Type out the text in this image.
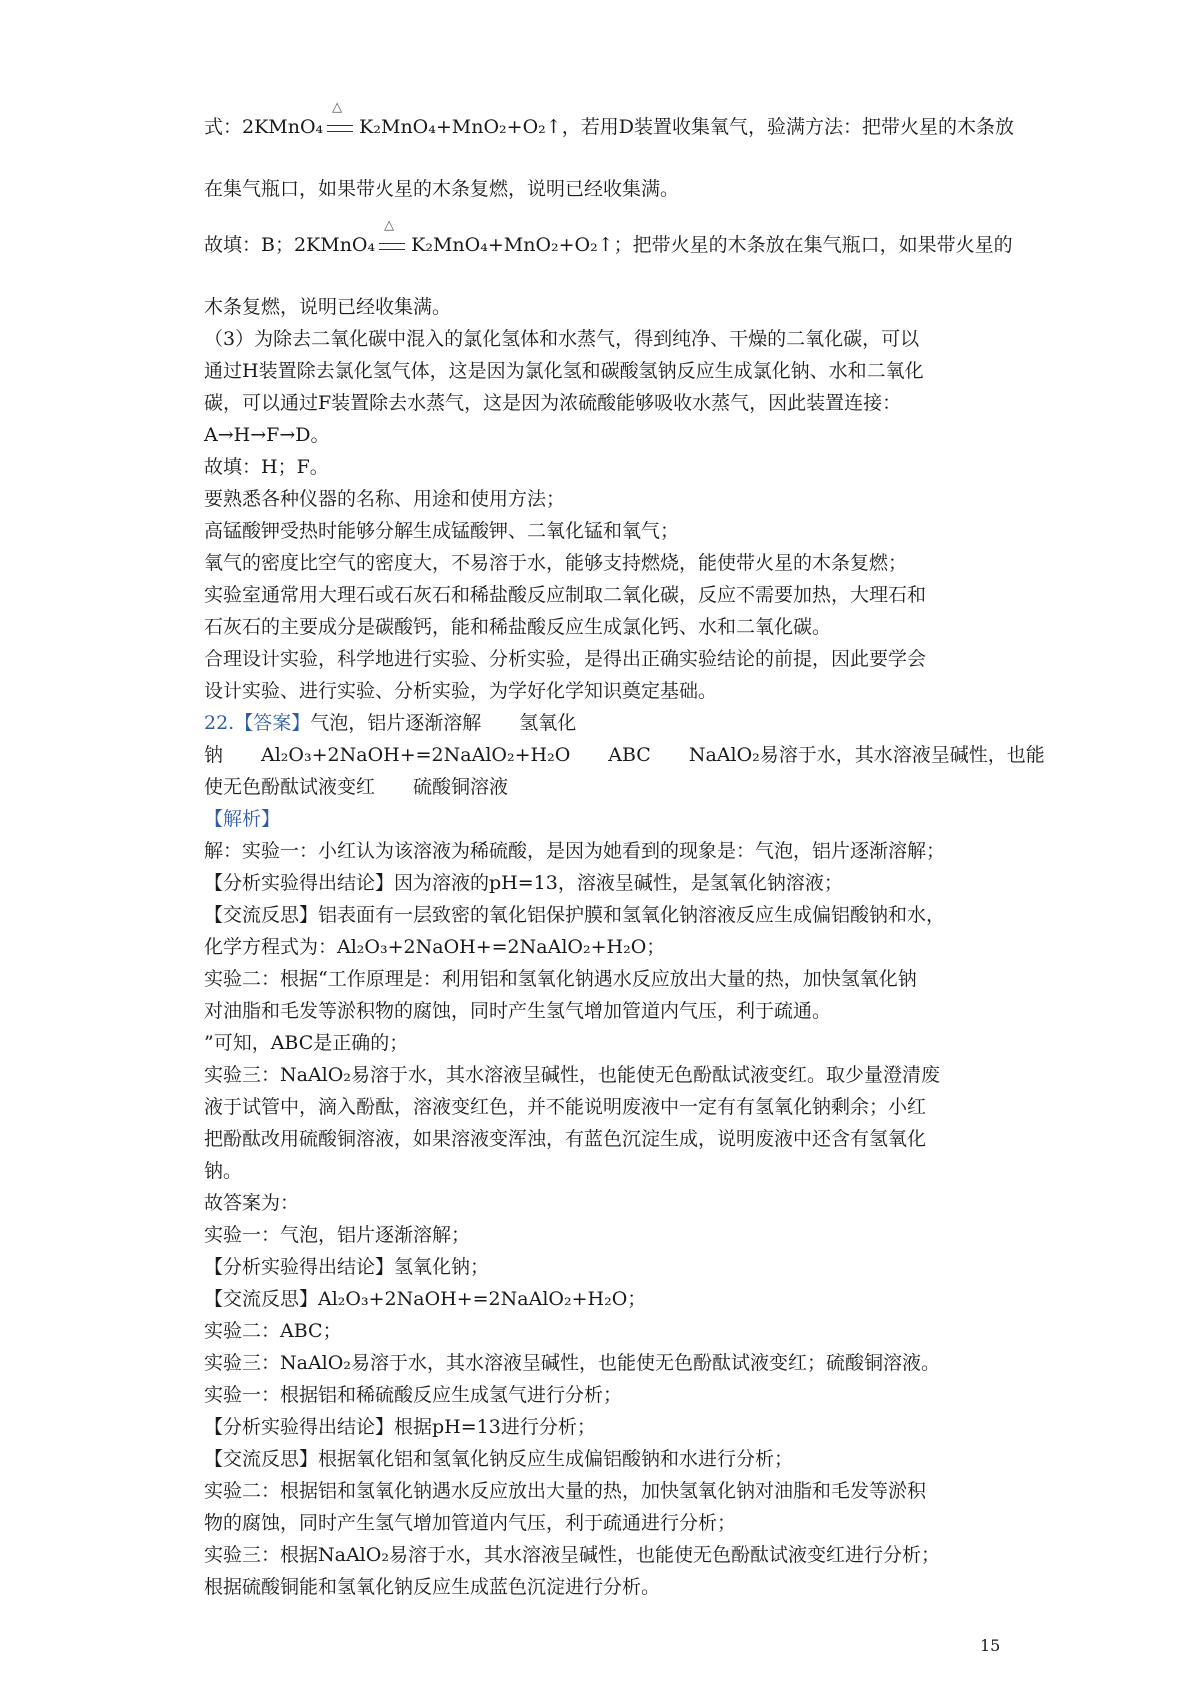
式：2KMnO₄
△
K₂MnO₄+MnO₂+O₂↑，若用D装置收集氧气，验满方法：把带火星的木条放
在集气瓶口，如果带火星的木条复燃，说明已经收集满。
故填：B；2KMnO₄
△
K₂MnO₄+MnO₂+O₂↑；把带火星的木条放在集气瓶口，如果带火星的
木条复燃，说明已经收集满。
（3）为除去二氧化碳中混入的氯化氢体和水蒸气，得到纯净、干燥的二氧化碳，可以
通过H装置除去氯化氢气体，这是因为氯化氢和碳酸氢钠反应生成氯化钠、水和二氧化
碳，可以通过F装置除去水蒸气，这是因为浓硫酸能够吸收水蒸气，因此装置连接：
A→H→F→D。
故填：H；F。
要熟悉各种仪器的名称、用途和使用方法；
高锰酸钾受热时能够分解生成锰酸钾、二氧化锰和氧气；
氧气的密度比空气的密度大，不易溶于水，能够支持燃烧，能使带火星的木条复燃；
实验室通常用大理石或石灰石和稀盐酸反应制取二氧化碳，反应不需要加热，大理石和
石灰石的主要成分是碳酸钙，能和稀盐酸反应生成氯化钙、水和二氧化碳。
合理设计实验，科学地进行实验、分析实验，是得出正确实验结论的前提，因此要学会
设计实验、进行实验、分析实验，为学好化学知识奠定基础。
22.【答案】气泡，铝片逐渐溶解　　氢氧化
钠　　Al₂O₃+2NaOH+=2NaAlO₂+H₂O　　ABC　　NaAlO₂易溶于水，其水溶液呈碱性，也能
使无色酚酞试液变红　　硫酸铜溶液
【解析】
解：实验一：小红认为该溶液为稀硫酸，是因为她看到的现象是：气泡，铝片逐渐溶解；
【分析实验得出结论】因为溶液的pH=13，溶液呈碱性，是氢氧化钠溶液；
【交流反思】铝表面有一层致密的氧化铝保护膜和氢氧化钠溶液反应生成偏铝酸钠和水，
化学方程式为：Al₂O₃+2NaOH+=2NaAlO₂+H₂O；
实验二：根据“工作原理是：利用铝和氢氧化钠遇水反应放出大量的热，加快氢氧化钠
对油脂和毛发等淤积物的腐蚀，同时产生氢气增加管道内气压，利于疏通。
”可知，ABC是正确的；
实验三：NaAlO₂易溶于水，其水溶液呈碱性，也能使无色酚酞试液变红。取少量澄清废
液于试管中，滴入酚酞，溶液变红色，并不能说明废液中一定有有氢氧化钠剩余；小红
把酚酞改用硫酸铜溶液，如果溶液变浑浊，有蓝色沉淀生成，说明废液中还含有氢氧化
钠。
故答案为：
实验一：气泡，铝片逐渐溶解；
【分析实验得出结论】氢氧化钠；
【交流反思】Al₂O₃+2NaOH+=2NaAlO₂+H₂O；
实验二：ABC；
实验三：NaAlO₂易溶于水，其水溶液呈碱性，也能使无色酚酞试液变红；硫酸铜溶液。
实验一：根据铝和稀硫酸反应生成氢气进行分析；
【分析实验得出结论】根据pH=13进行分析；
【交流反思】根据氧化铝和氢氧化钠反应生成偏铝酸钠和水进行分析；
实验二：根据铝和氢氧化钠遇水反应放出大量的热，加快氢氧化钠对油脂和毛发等淤积
物的腐蚀，同时产生氢气增加管道内气压，利于疏通进行分析；
实验三：根据NaAlO₂易溶于水，其水溶液呈碱性，也能使无色酚酞试液变红进行分析；
根据硫酸铜能和氢氧化钠反应生成蓝色沉淀进行分析。
15
